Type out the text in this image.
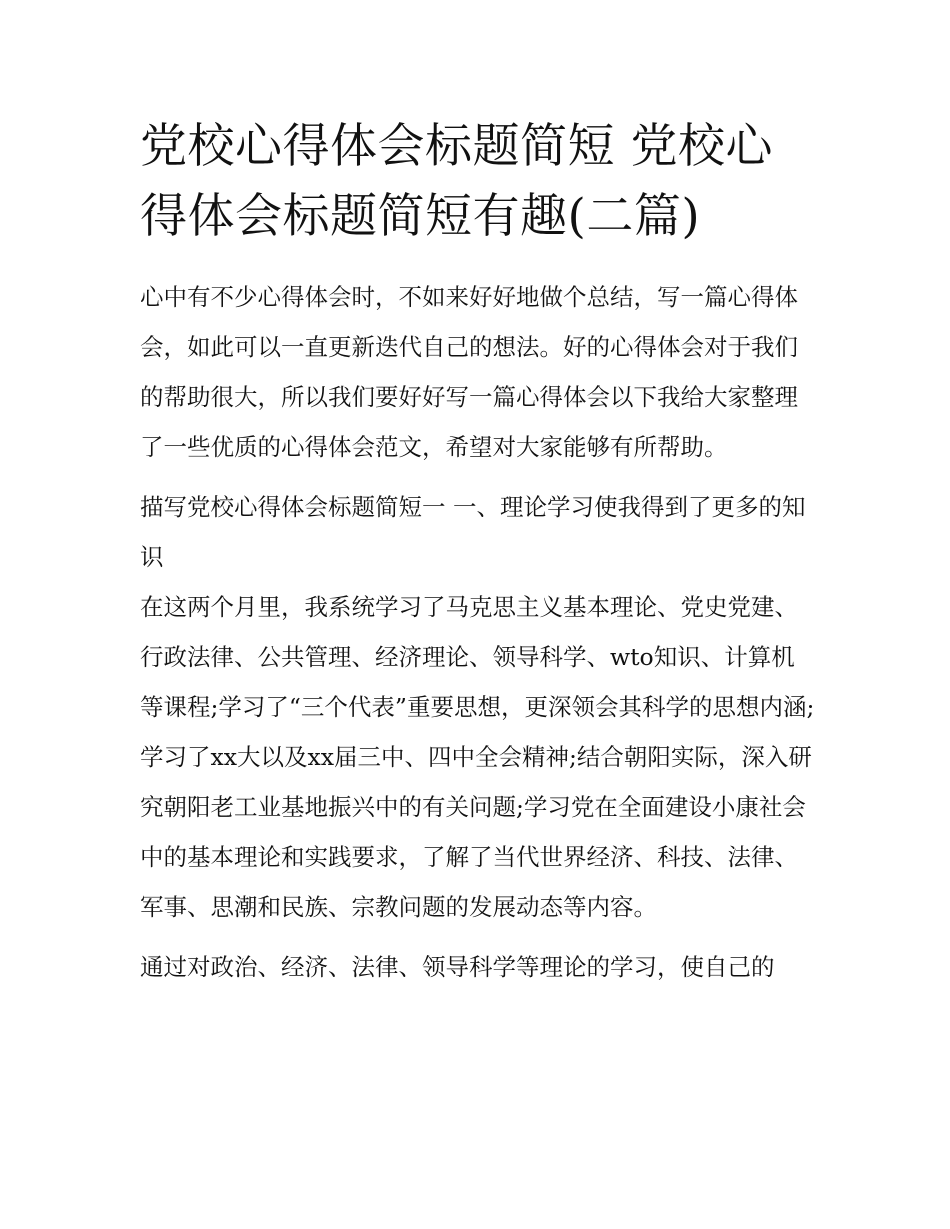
党校心得体会标题简短 党校心得体会标题简短有趣(二篇)

心中有不少心得体会时，不如来好好地做个总结，写一篇心得体会，如此可以一直更新迭代自己的想法。好的心得体会对于我们的帮助很大，所以我们要好好写一篇心得体会以下我给大家整理了一些优质的心得体会范文，希望对大家能够有所帮助。

描写党校心得体会标题简短一 一、理论学习使我得到了更多的知识

在这两个月里，我系统学习了马克思主义基本理论、党史党建、行政法律、公共管理、经济理论、领导科学、wto知识、计算机等课程;学习了“三个代表”重要思想，更深领会其科学的思想内涵;学习了xx大以及xx届三中、四中全会精神;结合朝阳实际，深入研究朝阳老工业基地振兴中的有关问题;学习党在全面建设小康社会中的基本理论和实践要求，了解了当代世界经济、科技、法律、军事、思潮和民族、宗教问题的发展动态等内容。

通过对政治、经济、法律、领导科学等理论的学习，使自己的
